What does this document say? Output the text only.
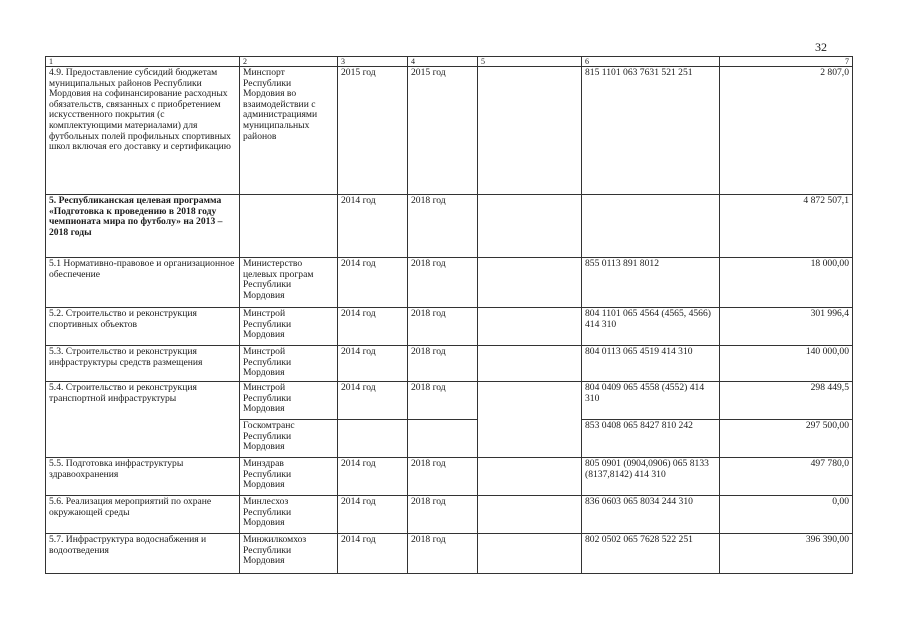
32
1	2	3	4	5	6	7
4.9. Предоставление субсидий бюджетам муниципальных районов Республики Мордовия на софинансирование расходных обязательств, связанных с приобретением искусственного покрытия (с комплектующими материалами) для футбольных полей профильных спортивных школ включая его доставку и сертификацию	Минспорт Республики Мордовия во взаимодействии с администрациями муниципальных районов	2015 год	2015 год		815 1101 063 7631 521 251	2 807,0
5. Республиканская целевая программа «Подготовка к проведению в 2018 году чемпионата мира по футболу» на 2013 – 2018 годы		2014 год	2018 год			4 872 507,1
5.1 Нормативно-правовое и организационное обеспечение	Министерство целевых програм Республики Мордовия	2014 год	2018 год		855 0113 891 8012	18 000,00
5.2. Строительство и реконструкция спортивных объектов	Минстрой Республики Мордовия	2014 год	2018 год		804 1101 065 4564 (4565, 4566) 414 310	301 996,4
5.3. Строительство и реконструкция инфраструктуры средств размещения	Минстрой Республики Мордовия	2014 год	2018 год		804 0113 065 4519 414 310	140 000,00
5.4. Строительство и реконструкция транспортной инфраструктуры	Минстрой Республики Мордовия	2014 год	2018 год		804 0409 065 4558 (4552) 414 310	298 449,5
	Госкомтранс Республики Мордовия				853 0408 065 8427 810 242	297 500,00
5.5. Подготовка инфраструктуры здравоохранения	Минздрав Республики Мордовия	2014 год	2018 год		805 0901 (0904,0906) 065 8133 (8137,8142) 414 310	497 780,0
5.6. Реализация мероприятий по охране окружающей среды	Минлесхоз Республики Мордовия	2014 год	2018 год		836 0603 065 8034 244 310	0,00
5.7. Инфраструктура водоснабжения и водоотведения	Минжилкомхоз Республики Мордовия	2014 год	2018 год		802 0502 065 7628 522 251	396 390,00
